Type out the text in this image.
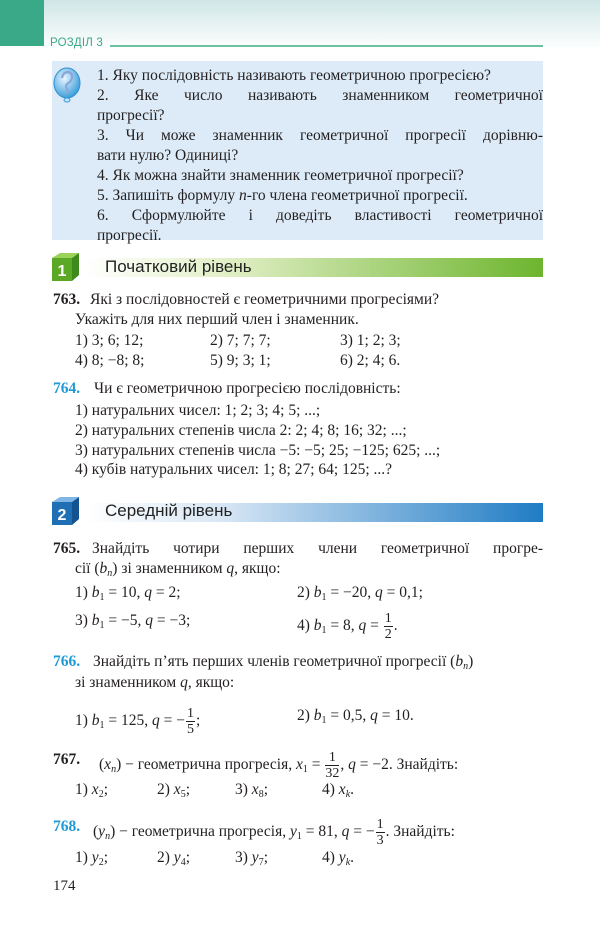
РОЗДІЛ 3
1. Яку послідовність називають геометричною прогресією?
2. Яке число називають знаменником геометричної
прогресії?
3. Чи може знаменник геометричної прогресії дорівню-
вати нулю? Одиниці?
4. Як можна знайти знаменник геометричної прогресії?
5. Запишіть формулу n-го члена геометричної прогресії.
6. Сформулюйте і доведіть властивості геометричної
прогресії.
1 Початковий рівень
763. Які з послідовностей є геометричними прогресіями?
Укажіть для них перший член і знаменник.
1) 3; 6; 12;	2) 7; 7; 7;	3) 1; 2; 3;
4) 8; −8; 8;	5) 9; 3; 1;	6) 2; 4; 6.
764. Чи є геометричною прогресією послідовність:
1) натуральних чисел: 1; 2; 3; 4; 5; ...;
2) натуральних степенів числа 2: 2; 4; 8; 16; 32; ...;
3) натуральних степенів числа −5: −5; 25; −125; 625; ...;
4) кубів натуральних чисел: 1; 8; 27; 64; 125; ...?
2 Середній рівень
765. Знайдіть чотири перших члени геометричної прогре-
сії $(b_n)$ зі знаменником q, якщо:
1) $b_1 = 10$, q = 2;	2) $b_1 = -20$, q = 0,1;
3) $b_1 = -5$, q = −3;	4) $b_1 = 8$, $q = \frac{1}{2}$ .
766. Знайдіть п’ять перших членів геометричної прогресії $(b_n)$
зі знаменником q, якщо:
1) $b_1 = 125$, q = − $\frac{1}{5}$ ;	2) $b_1 = 0,5$, q = 10.
767. $(x_n)$ − геометрична прогресія, $x_1 = \frac{1}{32}$ , q = −2. Знайдіть:
1) $x_2$;	2) $x_5$;	3) $x_8$;	4) $x_k$.
768. $(y_n)$ − геометрична прогресія, $y_1 = 81$, q = − $\frac{1}{3}$ . Знайдіть:
1) $y_2$;	2) $y_4$;	3) $y_7$;	4) $y_k$.
174
